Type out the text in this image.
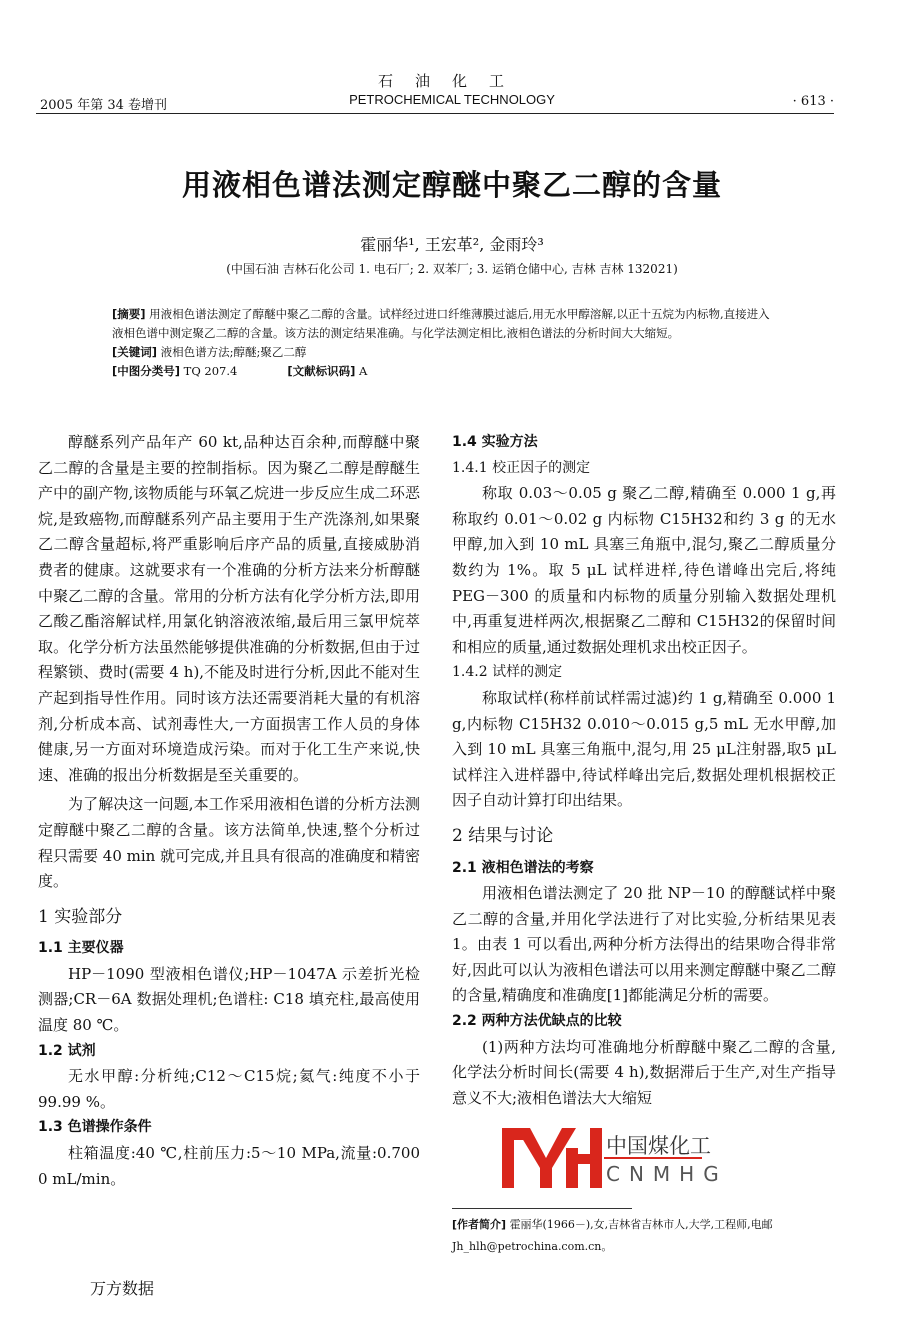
石油化工
PETROCHEMICAL TECHNOLOGY
2005 年第 34 卷增刊	· 613 ·
用液相色谱法测定醇醚中聚乙二醇的含量
霍丽华¹, 王宏革², 金雨玲³
(中国石油 吉林石化公司 1. 电石厂; 2. 双苯厂; 3. 运销仓储中心, 吉林 吉林 132021)
[摘要] 用液相色谱法测定了醇醚中聚乙二醇的含量。试样经过进口纤维薄膜过滤后,用无水甲醇溶解,以正十五烷为内标物,直接进入液相色谱中测定聚乙二醇的含量。该方法的测定结果准确。与化学法测定相比,液相色谱法的分析时间大大缩短。
[关键词] 液相色谱方法;醇醚;聚乙二醇
[中图分类号] TQ 207.4	[文献标识码] A

醇醚系列产品年产 60 kt,品种达百余种,而醇醚中聚乙二醇的含量是主要的控制指标。因为聚乙二醇是醇醚生产中的副产物,该物质能与环氧乙烷进一步反应生成二环恶烷,是致癌物,而醇醚系列产品主要用于生产洗涤剂,如果聚乙二醇含量超标,将严重影响后序产品的质量,直接威胁消费者的健康。这就要求有一个准确的分析方法来分析醇醚中聚乙二醇的含量。常用的分析方法有化学分析方法,即用乙酸乙酯溶解试样,用氯化钠溶液浓缩,最后用三氯甲烷萃取。化学分析方法虽然能够提供准确的分析数据,但由于过程繁锁、费时(需要 4 h),不能及时进行分析,因此不能对生产起到指导性作用。同时该方法还需要消耗大量的有机溶剂,分析成本高、试剂毒性大,一方面损害工作人员的身体健康,另一方面对环境造成污染。而对于化工生产来说,快速、准确的报出分析数据是至关重要的。

为了解决这一问题,本工作采用液相色谱的分析方法测定醇醚中聚乙二醇的含量。该方法简单,快速,整个分析过程只需要 40 min 就可完成,并且具有很高的准确度和精密度。

1 实验部分
1.1 主要仪器

HP－1090 型液相色谱仪;HP－1047A 示差折光检测器;CR－6A 数据处理机;色谱柱: C18 填充柱,最高使用温度 80 ℃。

1.2 试剂

无水甲醇:分析纯;C12～C15烷;氦气:纯度不小于 99.99 %。

1.3 色谱操作条件

柱箱温度:40 ℃,柱前压力:5～10 MPa,流量:0.700 0 mL/min。

1.4 实验方法
1.4.1 校正因子的测定

称取 0.03～0.05 g 聚乙二醇,精确至 0.000 1 g,再称取约 0.01～0.02 g 内标物 C15H32和约 3 g 的无水甲醇,加入到 10 mL 具塞三角瓶中,混匀,聚乙二醇质量分数约为 1%。取 5 μL 试样进样,待色谱峰出完后,将纯 PEG－300 的质量和内标物的质量分别输入数据处理机中,再重复进样两次,根据聚乙二醇和 C15H32的保留时间和相应的质量,通过数据处理机求出校正因子。

1.4.2 试样的测定

称取试样(称样前试样需过滤)约 1 g,精确至 0.000 1 g,内标物 C15H32 0.010～0.015 g,5 mL 无水甲醇,加入到 10 mL 具塞三角瓶中,混匀,用 25 μL注射器,取5 μL 试样注入进样器中,待试样峰出完后,数据处理机根据校正因子自动计算打印出结果。

2 结果与讨论
2.1 液相色谱法的考察

用液相色谱法测定了 20 批 NP－10 的醇醚试样中聚乙二醇的含量,并用化学法进行了对比实验,分析结果见表 1。由表 1 可以看出,两种分析方法得出的结果吻合得非常好,因此可以认为液相色谱法可以用来测定醇醚中聚乙二醇的含量,精确度和准确度[1]都能满足分析的需要。

2.2 两种方法优缺点的比较

(1)两种方法均可准确地分析醇醚中聚乙二醇的含量,化学法分析时间长(需要 4 h),数据滞后于生产,对生产指导意义不大;液相色谱法大大缩短

中国煤化工
CNMHG
[作者简介] 霍丽华(1966－),女,吉林省吉林市人,大学,工程师,电邮 Jh_hlh@petrochina.com.cn。
万方数据
